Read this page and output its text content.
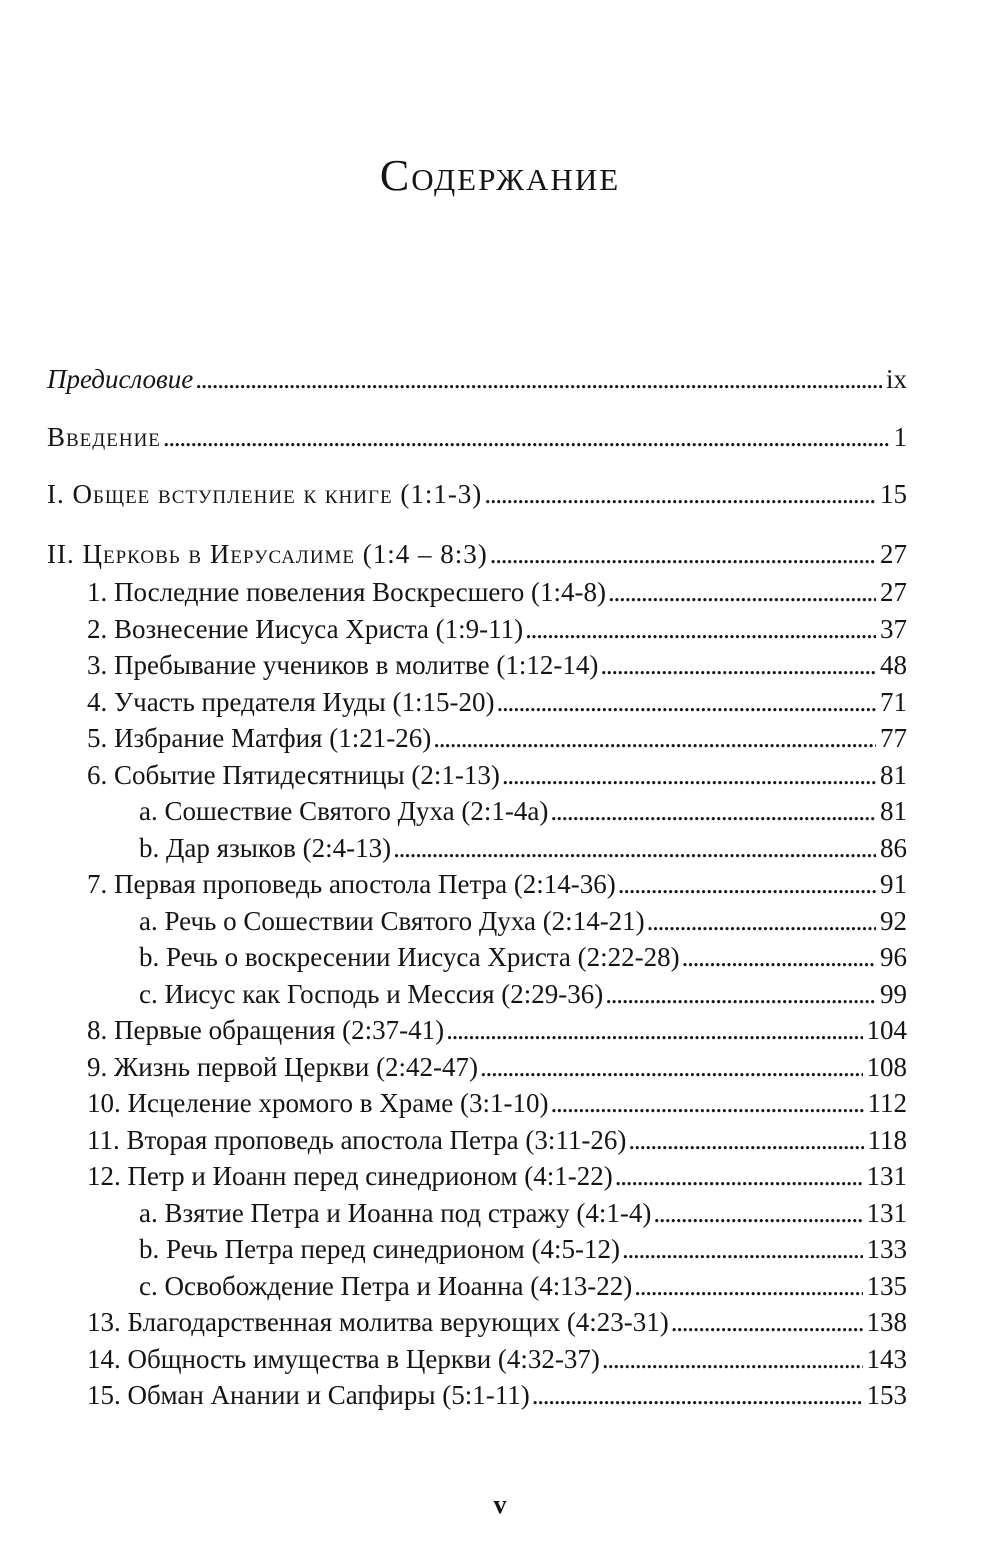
Содержание
Предисловие . . .	ix
Введение . . .	1
I. Общее вступление к книге (1:1-3) . . .	15
II. Церковь в Иерусалиме (1:4 – 8:3) . . .	27
1. Последние повеления Воскресшего (1:4-8) . . .	27
2. Вознесение Иисуса Христа (1:9-11) . . .	37
3. Пребывание учеников в молитве (1:12-14) . . .	48
4. Участь предателя Иуды (1:15-20) . . .	71
5. Избрание Матфия (1:21-26) . . .	77
6. Событие Пятидесятницы (2:1-13) . . .	81
a. Сошествие Святого Духа (2:1-4a) . . .	81
b. Дар языков (2:4-13) . . .	86
7. Первая проповедь апостола Петра (2:14-36) . . .	91
a. Речь о Сошествии Святого Духа (2:14-21) . . .	92
b. Речь о воскресении Иисуса Христа (2:22-28) . . .	96
c. Иисус как Господь и Мессия (2:29-36) . . .	99
8. Первые обращения (2:37-41) . . .	104
9. Жизнь первой Церкви (2:42-47) . . .	108
10. Исцеление хромого в Храме (3:1-10) . . .	112
11. Вторая проповедь апостола Петра (3:11-26) . . .	118
12. Петр и Иоанн перед синедрионом (4:1-22) . . .	131
a. Взятие Петра и Иоанна под стражу (4:1-4) . . .	131
b. Речь Петра перед синедрионом (4:5-12) . . .	133
c. Освобождение Петра и Иоанна (4:13-22) . . .	135
13. Благодарственная молитва верующих (4:23-31) . . .	138
14. Общность имущества в Церкви (4:32-37) . . .	143
15. Обман Анании и Сапфиры (5:1-11) . . .	153
v
